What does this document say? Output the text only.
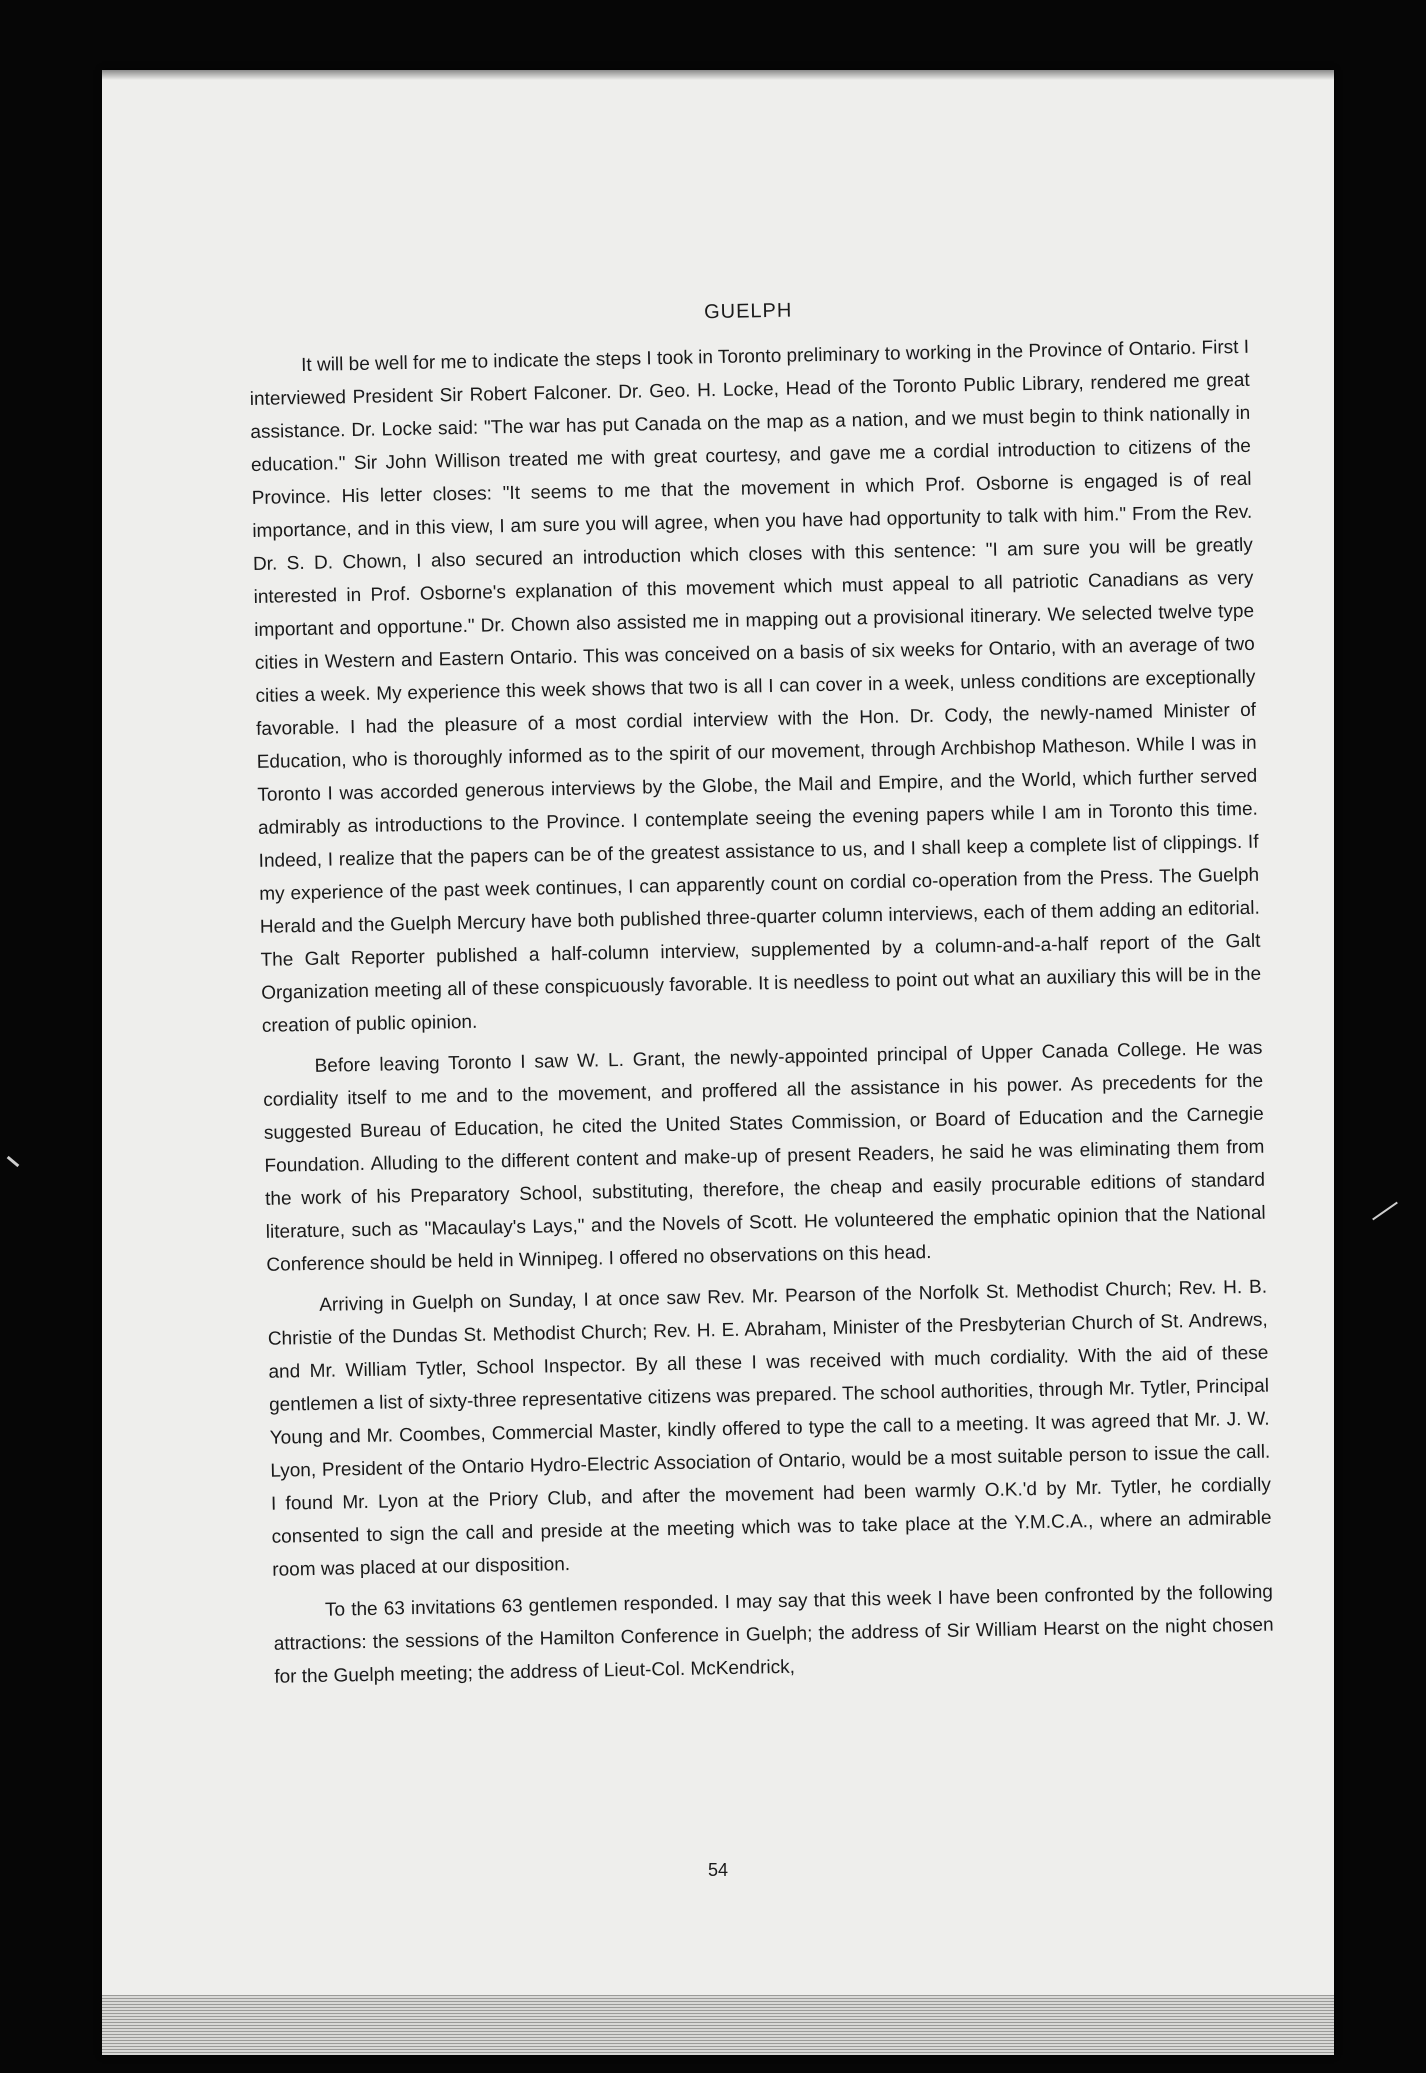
GUELPH

It will be well for me to indicate the steps I took in Toronto preliminary to working in the Province of Ontario. First I interviewed President Sir Robert Falconer. Dr. Geo. H. Locke, Head of the Toronto Public Library, rendered me great assistance. Dr. Locke said: "The war has put Canada on the map as a nation, and we must begin to think nationally in education." Sir John Willison treated me with great courtesy, and gave me a cordial introduction to citizens of the Province. His letter closes: "It seems to me that the movement in which Prof. Osborne is engaged is of real importance, and in this view, I am sure you will agree, when you have had opportunity to talk with him." From the Rev. Dr. S. D. Chown, I also secured an introduction which closes with this sentence: "I am sure you will be greatly interested in Prof. Osborne's explanation of this movement which must appeal to all patriotic Canadians as very important and opportune." Dr. Chown also assisted me in mapping out a provisional itinerary. We selected twelve type cities in Western and Eastern Ontario. This was conceived on a basis of six weeks for Ontario, with an average of two cities a week. My experience this week shows that two is all I can cover in a week, unless conditions are exceptionally favorable. I had the pleasure of a most cordial interview with the Hon. Dr. Cody, the newly-named Minister of Education, who is thoroughly informed as to the spirit of our movement, through Archbishop Matheson. While I was in Toronto I was accorded generous interviews by the Globe, the Mail and Empire, and the World, which further served admirably as introductions to the Province. I contemplate seeing the evening papers while I am in Toronto this time. Indeed, I realize that the papers can be of the greatest assistance to us, and I shall keep a complete list of clippings. If my experience of the past week continues, I can apparently count on cordial co-operation from the Press. The Guelph Herald and the Guelph Mercury have both published three-quarter column interviews, each of them adding an editorial. The Galt Reporter published a half-column interview, supplemented by a column-and-a-half report of the Galt Organization meeting all of these conspicuously favorable. It is needless to point out what an auxiliary this will be in the creation of public opinion.

Before leaving Toronto I saw W. L. Grant, the newly-appointed principal of Upper Canada College. He was cordiality itself to me and to the movement, and proffered all the assistance in his power. As precedents for the suggested Bureau of Education, he cited the United States Commission, or Board of Education and the Carnegie Foundation. Alluding to the different content and make-up of present Readers, he said he was eliminating them from the work of his Preparatory School, substituting, therefore, the cheap and easily procurable editions of standard literature, such as "Macaulay's Lays," and the Novels of Scott. He volunteered the emphatic opinion that the National Conference should be held in Winnipeg. I offered no observations on this head.

Arriving in Guelph on Sunday, I at once saw Rev. Mr. Pearson of the Norfolk St. Methodist Church; Rev. H. B. Christie of the Dundas St. Methodist Church; Rev. H. E. Abraham, Minister of the Presbyterian Church of St. Andrews, and Mr. William Tytler, School Inspector. By all these I was received with much cordiality. With the aid of these gentlemen a list of sixty-three representative citizens was prepared. The school authorities, through Mr. Tytler, Principal Young and Mr. Coombes, Commercial Master, kindly offered to type the call to a meeting. It was agreed that Mr. J. W. Lyon, President of the Ontario Hydro-Electric Association of Ontario, would be a most suitable person to issue the call. I found Mr. Lyon at the Priory Club, and after the movement had been warmly O.K.'d by Mr. Tytler, he cordially consented to sign the call and preside at the meeting which was to take place at the Y.M.C.A., where an admirable room was placed at our disposition.

To the 63 invitations 63 gentlemen responded. I may say that this week I have been confronted by the following attractions: the sessions of the Hamilton Conference in Guelph; the address of Sir William Hearst on the night chosen for the Guelph meeting; the address of Lieut-Col. McKendrick,

54
